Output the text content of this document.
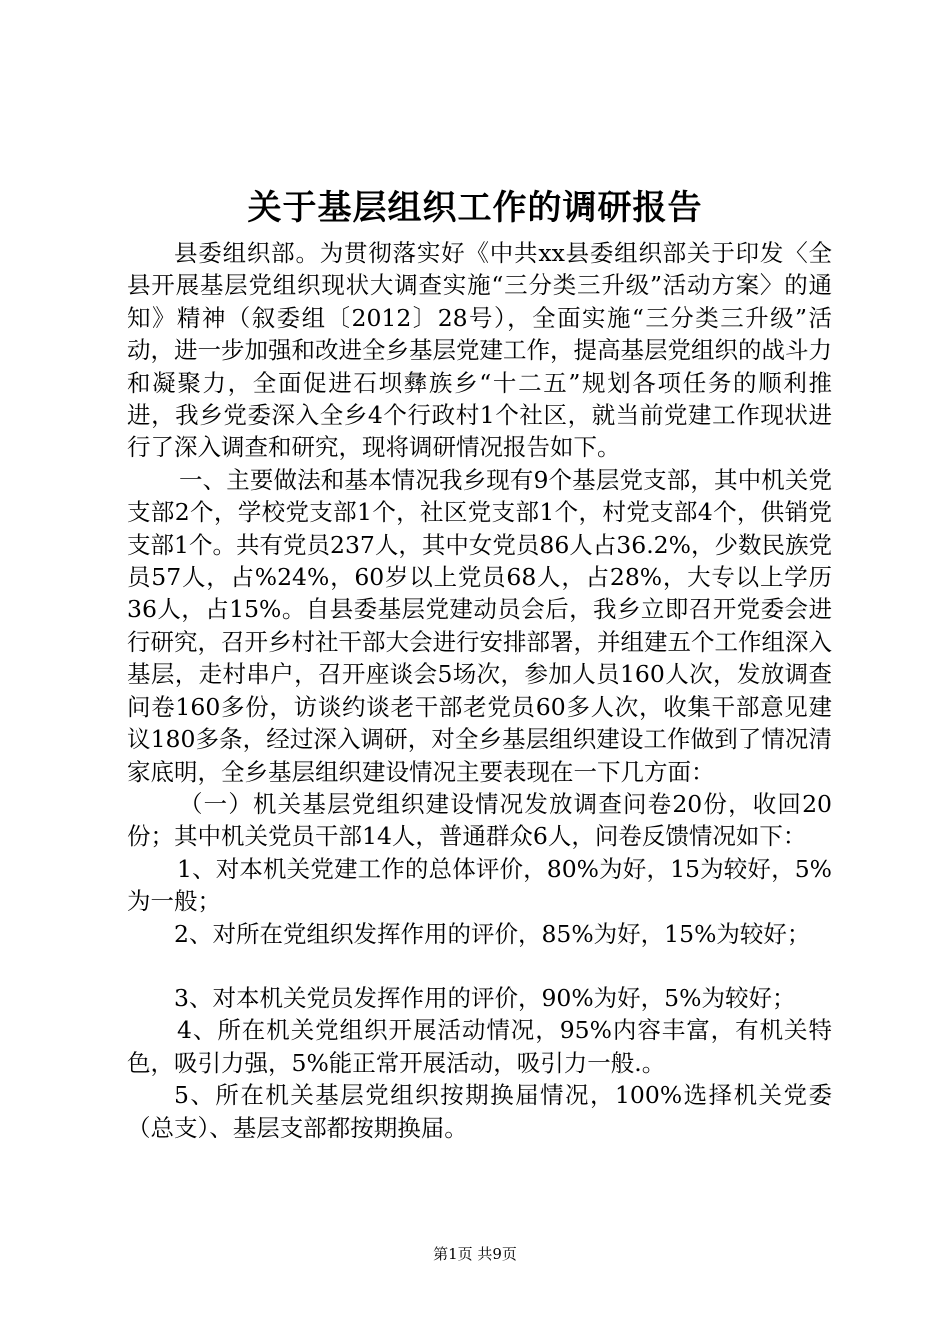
关于基层组织工作的调研报告

县委组织部。为贯彻落实好《中共xx县委组织部关于印发〈全县开展基层党组织现状大调查实施“三分类三升级”活动方案〉的通知》精神（叙委组〔2012〕28号），全面实施“三分类三升级”活动，进一步加强和改进全乡基层党建工作，提高基层党组织的战斗力和凝聚力，全面促进石坝彝族乡“十二五”规划各项任务的顺利推进，我乡党委深入全乡4个行政村1个社区，就当前党建工作现状进行了深入调查和研究，现将调研情况报告如下。

一、主要做法和基本情况我乡现有9个基层党支部，其中机关党支部2个，学校党支部1个，社区党支部1个，村党支部4个，供销党支部1个。共有党员237人，其中女党员86人占36.2%，少数民族党员57人，占%24%，60岁以上党员68人，占28%，大专以上学历36人，占15%。自县委基层党建动员会后，我乡立即召开党委会进行研究，召开乡村社干部大会进行安排部署，并组建五个工作组深入基层，走村串户，召开座谈会5场次，参加人员160人次，发放调查问卷160多份，访谈约谈老干部老党员60多人次，收集干部意见建议180多条，经过深入调研，对全乡基层组织建设工作做到了情况清家底明，全乡基层组织建设情况主要表现在一下几方面：

（一）机关基层党组织建设情况发放调查问卷20份，收回20份；其中机关党员干部14人，普通群众6人，问卷反馈情况如下：

1、对本机关党建工作的总体评价，80%为好，15为较好，5%为一般；

2、对所在党组织发挥作用的评价，85%为好，15%为较好；

3、对本机关党员发挥作用的评价，90%为好，5%为较好；

4、所在机关党组织开展活动情况，95%内容丰富，有机关特色，吸引力强，5%能正常开展活动，吸引力一般.。

5、所在机关基层党组织按期换届情况，100%选择机关党委（总支）、基层支部都按期换届。

第1页 共9页
